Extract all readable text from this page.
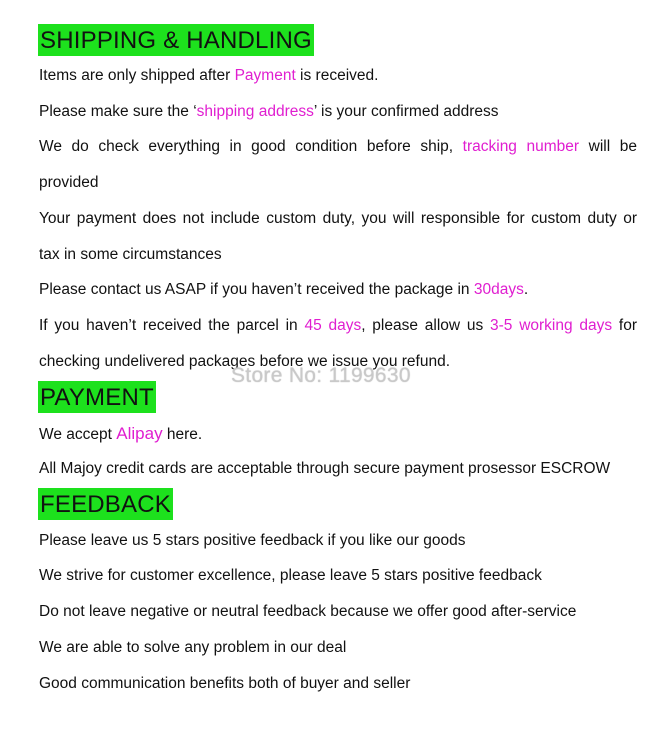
SHIPPING & HANDLING
Items are only shipped after Payment is received.
Please make sure the ‘shipping address’ is your confirmed address
We do check everything in good condition before ship, tracking number will be
provided
Your payment does not include custom duty, you will responsible for custom duty or
tax in some circumstances
Please contact us ASAP if you haven’t received the package in 30days.
If you haven’t received the parcel in 45 days, please allow us 3-5 working days for
checking undelivered packages before we issue you refund.
Store No: 1199630
PAYMENT
We accept Alipay here.
All Majoy credit cards are acceptable through secure payment prosessor ESCROW
FEEDBACK
Please leave us 5 stars positive feedback if you like our goods
We strive for customer excellence, please leave 5 stars positive feedback
Do not leave negative or neutral feedback because we offer good after-service
We are able to solve any problem in our deal
Good communication benefits both of buyer and seller
